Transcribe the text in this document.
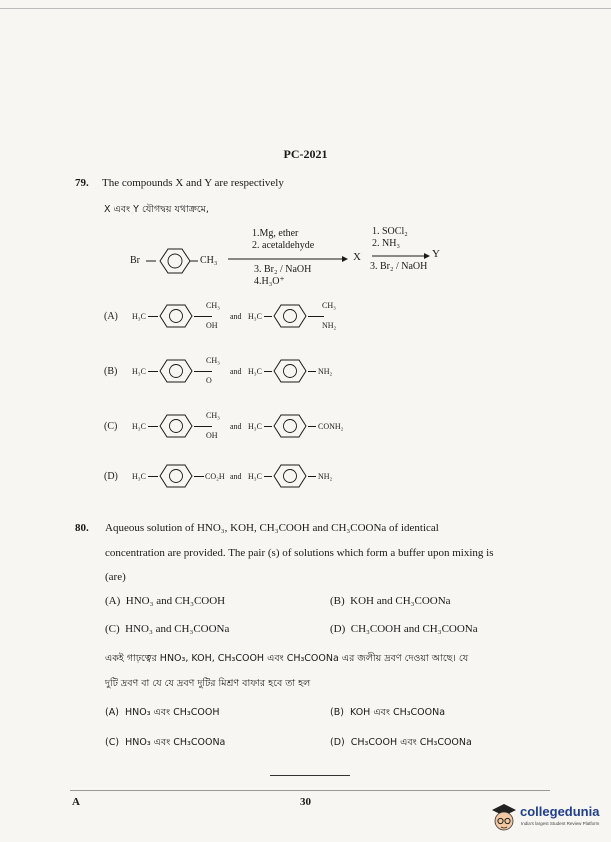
PC-2021
79. The compounds X and Y are respectively
X এবং Y যৌগদ্বয় যথাক্রমে,
Br	CH₃
1.Mg, ether
2. acetaldehyde
3. Br₂ / NaOH
4.H₃O⁺
X
1. SOCl₂
2. NH₃
3. Br₂ / NaOH
Y
(A) H₃C
CH₃
OH
and H₃C
CH₃
NH₂
(B) H₃C
CH₃
O
and H₃C	NH₂
(C) H₃C
CH₃
OH
and H₃C	CONH₂
(D) H₃C	CO₂H and H₃C	NH₂
80. Aqueous solution of HNO₃, KOH, CH₃COOH and CH₃COONa of identical
concentration are provided. The pair (s) of solutions which form a buffer upon mixing is
(are)
(A) HNO₃ and CH₃COOH	(B) KOH and CH₃COONa
(C) HNO₃ and CH₃COONa	(D) CH₃COOH and CH₃COONa
একই গাঢ়ত্বের HNO₃, KOH, CH₃COOH এবং CH₃COONa এর জলীয় দ্রবণ দেওয়া আছে। যে
দুটি দ্রবণ বা যে যে দ্রবণ দুটির মিশ্রণ বাফার হবে তা হল
(A) HNO₃ এবং CH₃COOH	(B) KOH এবং CH₃COONa
(C) HNO₃ এবং CH₃COONa	(D) CH₃COOH এবং CH₃COONa
A	30
collegedunia
India's largest Student Review Platform
